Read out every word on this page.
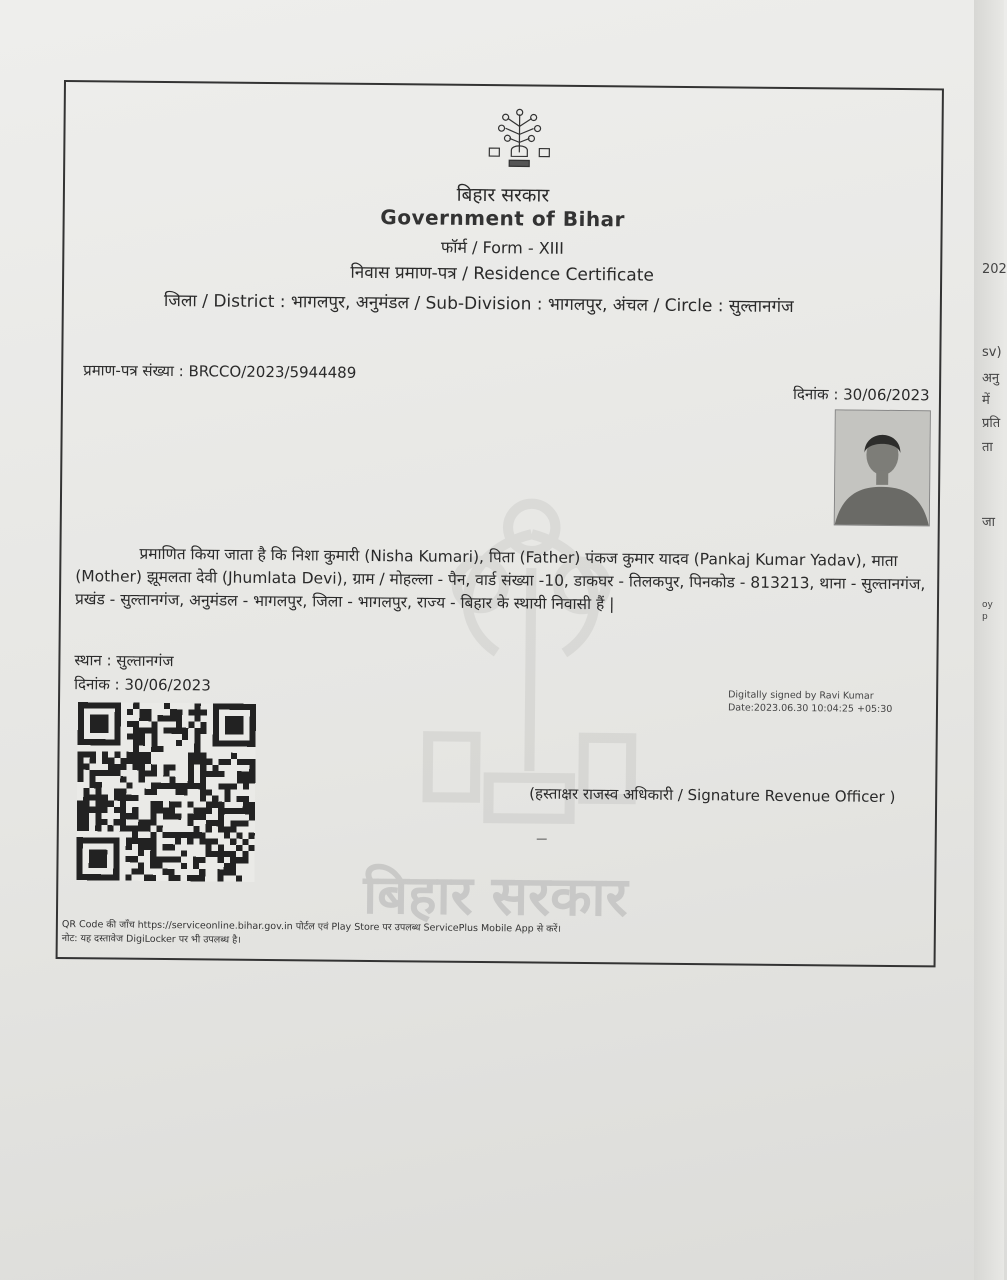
202
sv)
अनु
में
प्रति
ता
जा
oy
p
बिहार सरकार
बिहार सरकार
Government of Bihar
फॉर्म / Form - XIII
निवास प्रमाण-पत्र / Residence Certificate
जिला / District : भागलपुर, अनुमंडल / Sub-Division : भागलपुर, अंचल / Circle : सुल्तानगंज
प्रमाण-पत्र संख्या : BRCCO/2023/5944489
दिनांक : 30/06/2023
प्रमाणित किया जाता है कि निशा कुमारी (Nisha Kumari), पिता (Father) पंकज कुमार यादव (Pankaj Kumar Yadav), माता (Mother) झूमलता देवी (Jhumlata Devi), ग्राम / मोहल्ला - पैन, वार्ड संख्या -10, डाकघर - तिलकपुर, पिनकोड - 813213, थाना - सुल्तानगंज, प्रखंड - सुल्तानगंज, अनुमंडल - भागलपुर, जिला - भागलपुर, राज्य - बिहार के स्थायी निवासी हैं |
स्थान : सुल्तानगंज
दिनांक : 30/06/2023
Digitally signed by Ravi Kumar
Date:2023.06.30 10:04:25 +05:30
(हस्ताक्षर राजस्व अधिकारी / Signature Revenue Officer )
QR Code की जाँच https://serviceonline.bihar.gov.in पोर्टल एवं Play Store पर उपलब्ध ServicePlus Mobile App से करें।
नोट: यह दस्तावेज DigiLocker पर भी उपलब्ध है।
